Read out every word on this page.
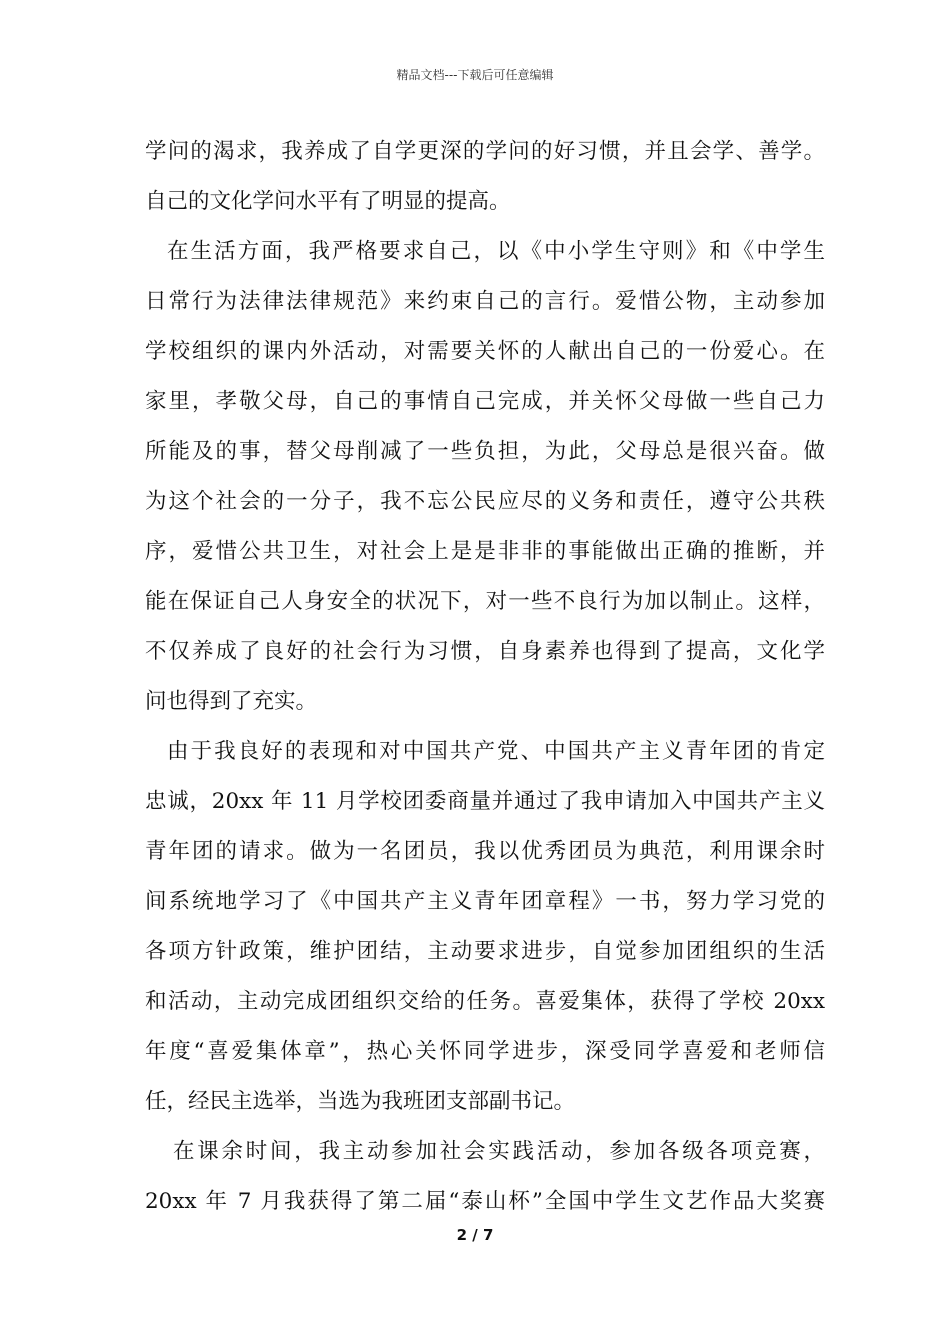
精品文档---下载后可任意编辑
学问的渴求，我养成了自学更深的学问的好习惯，并且会学、善学。
自己的文化学问水平有了明显的提高。
在生活方面，我严格要求自己，以《中小学生守则》和《中学生
日常行为法律法律规范》来约束自己的言行。爱惜公物，主动参加
学校组织的课内外活动，对需要关怀的人献出自己的一份爱心。在
家里，孝敬父母，自己的事情自己完成，并关怀父母做一些自己力
所能及的事，替父母削减了一些负担，为此，父母总是很兴奋。做
为这个社会的一分子，我不忘公民应尽的义务和责任，遵守公共秩
序，爱惜公共卫生，对社会上是是非非的事能做出正确的推断，并
能在保证自己人身安全的状况下，对一些不良行为加以制止。这样，
不仅养成了良好的社会行为习惯，自身素养也得到了提高，文化学
问也得到了充实。
由于我良好的表现和对中国共产党、中国共产主义青年团的肯定
忠诚，20xx 年 11 月学校团委商量并通过了我申请加入中国共产主义
青年团的请求。做为一名团员，我以优秀团员为典范，利用课余时
间系统地学习了《中国共产主义青年团章程》一书，努力学习党的
各项方针政策，维护团结，主动要求进步，自觉参加团组织的生活
和活动，主动完成团组织交给的任务。喜爱集体，获得了学校 20xx
年度“喜爱集体章”，热心关怀同学进步，深受同学喜爱和老师信
任，经民主选举，当选为我班团支部副书记。
在课余时间，我主动参加社会实践活动，参加各级各项竞赛，
20xx 年 7 月我获得了第二届“泰山杯”全国中学生文艺作品大奖赛
2 / 7
